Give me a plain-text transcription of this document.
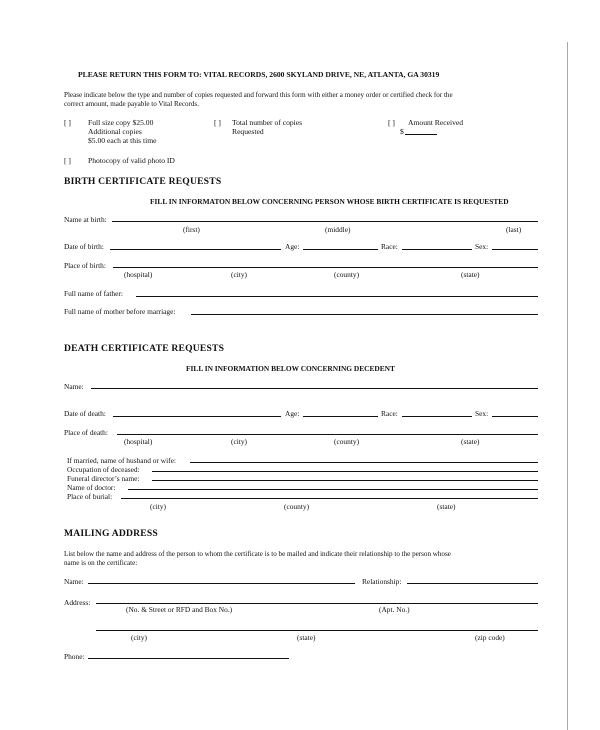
PLEASE RETURN THIS FORM TO: VITAL RECORDS, 2600 SKYLAND DRIVE, NE, ATLANTA, GA 30319
Please indicate below the type and number of copies requested and forward this form with either a money order or certified check for the
correct amount, made payable to Vital Records.
[ ] Full size copy $25.00
Additional copies
$5.00 each at this time
[ ] Total number of copies
Requested
[ ] Amount Received
$
[ ] Photocopy of valid photo ID
BIRTH CERTIFICATE REQUESTS
FILL IN INFORMATON BELOW CONCERNING PERSON WHOSE BIRTH CERTIFICATE IS REQUESTED
Name at birth:
(first)	(middle)	(last)
Date of birth:	Age:	Race:	Sex:
Place of birth:
(hospital)	(city)	(county)	(state)
Full name of father:
Full name of mother before marriage:
DEATH CERTIFICATE REQUESTS
FILL IN INFORMATION BELOW CONCERNING DECEDENT
Name:
Date of death:	Age:	Race:	Sex:
Place of death:
(hospital)	(city)	(county)	(state)
If married, name of husband or wife:
Occupation of deceased:
Funeral director’s name:
Name of doctor:
Place of burial:
(city)	(county)	(state)
MAILING ADDRESS
List below the name and address of the person to whom the certificate is to be mailed and indicate their relationship to the person whose
name is on the certificate:
Name:	Relationship:
Address:
(No. & Street or RFD and Box No.)	(Apt. No.)
(city)	(state)	(zip code)
Phone:
